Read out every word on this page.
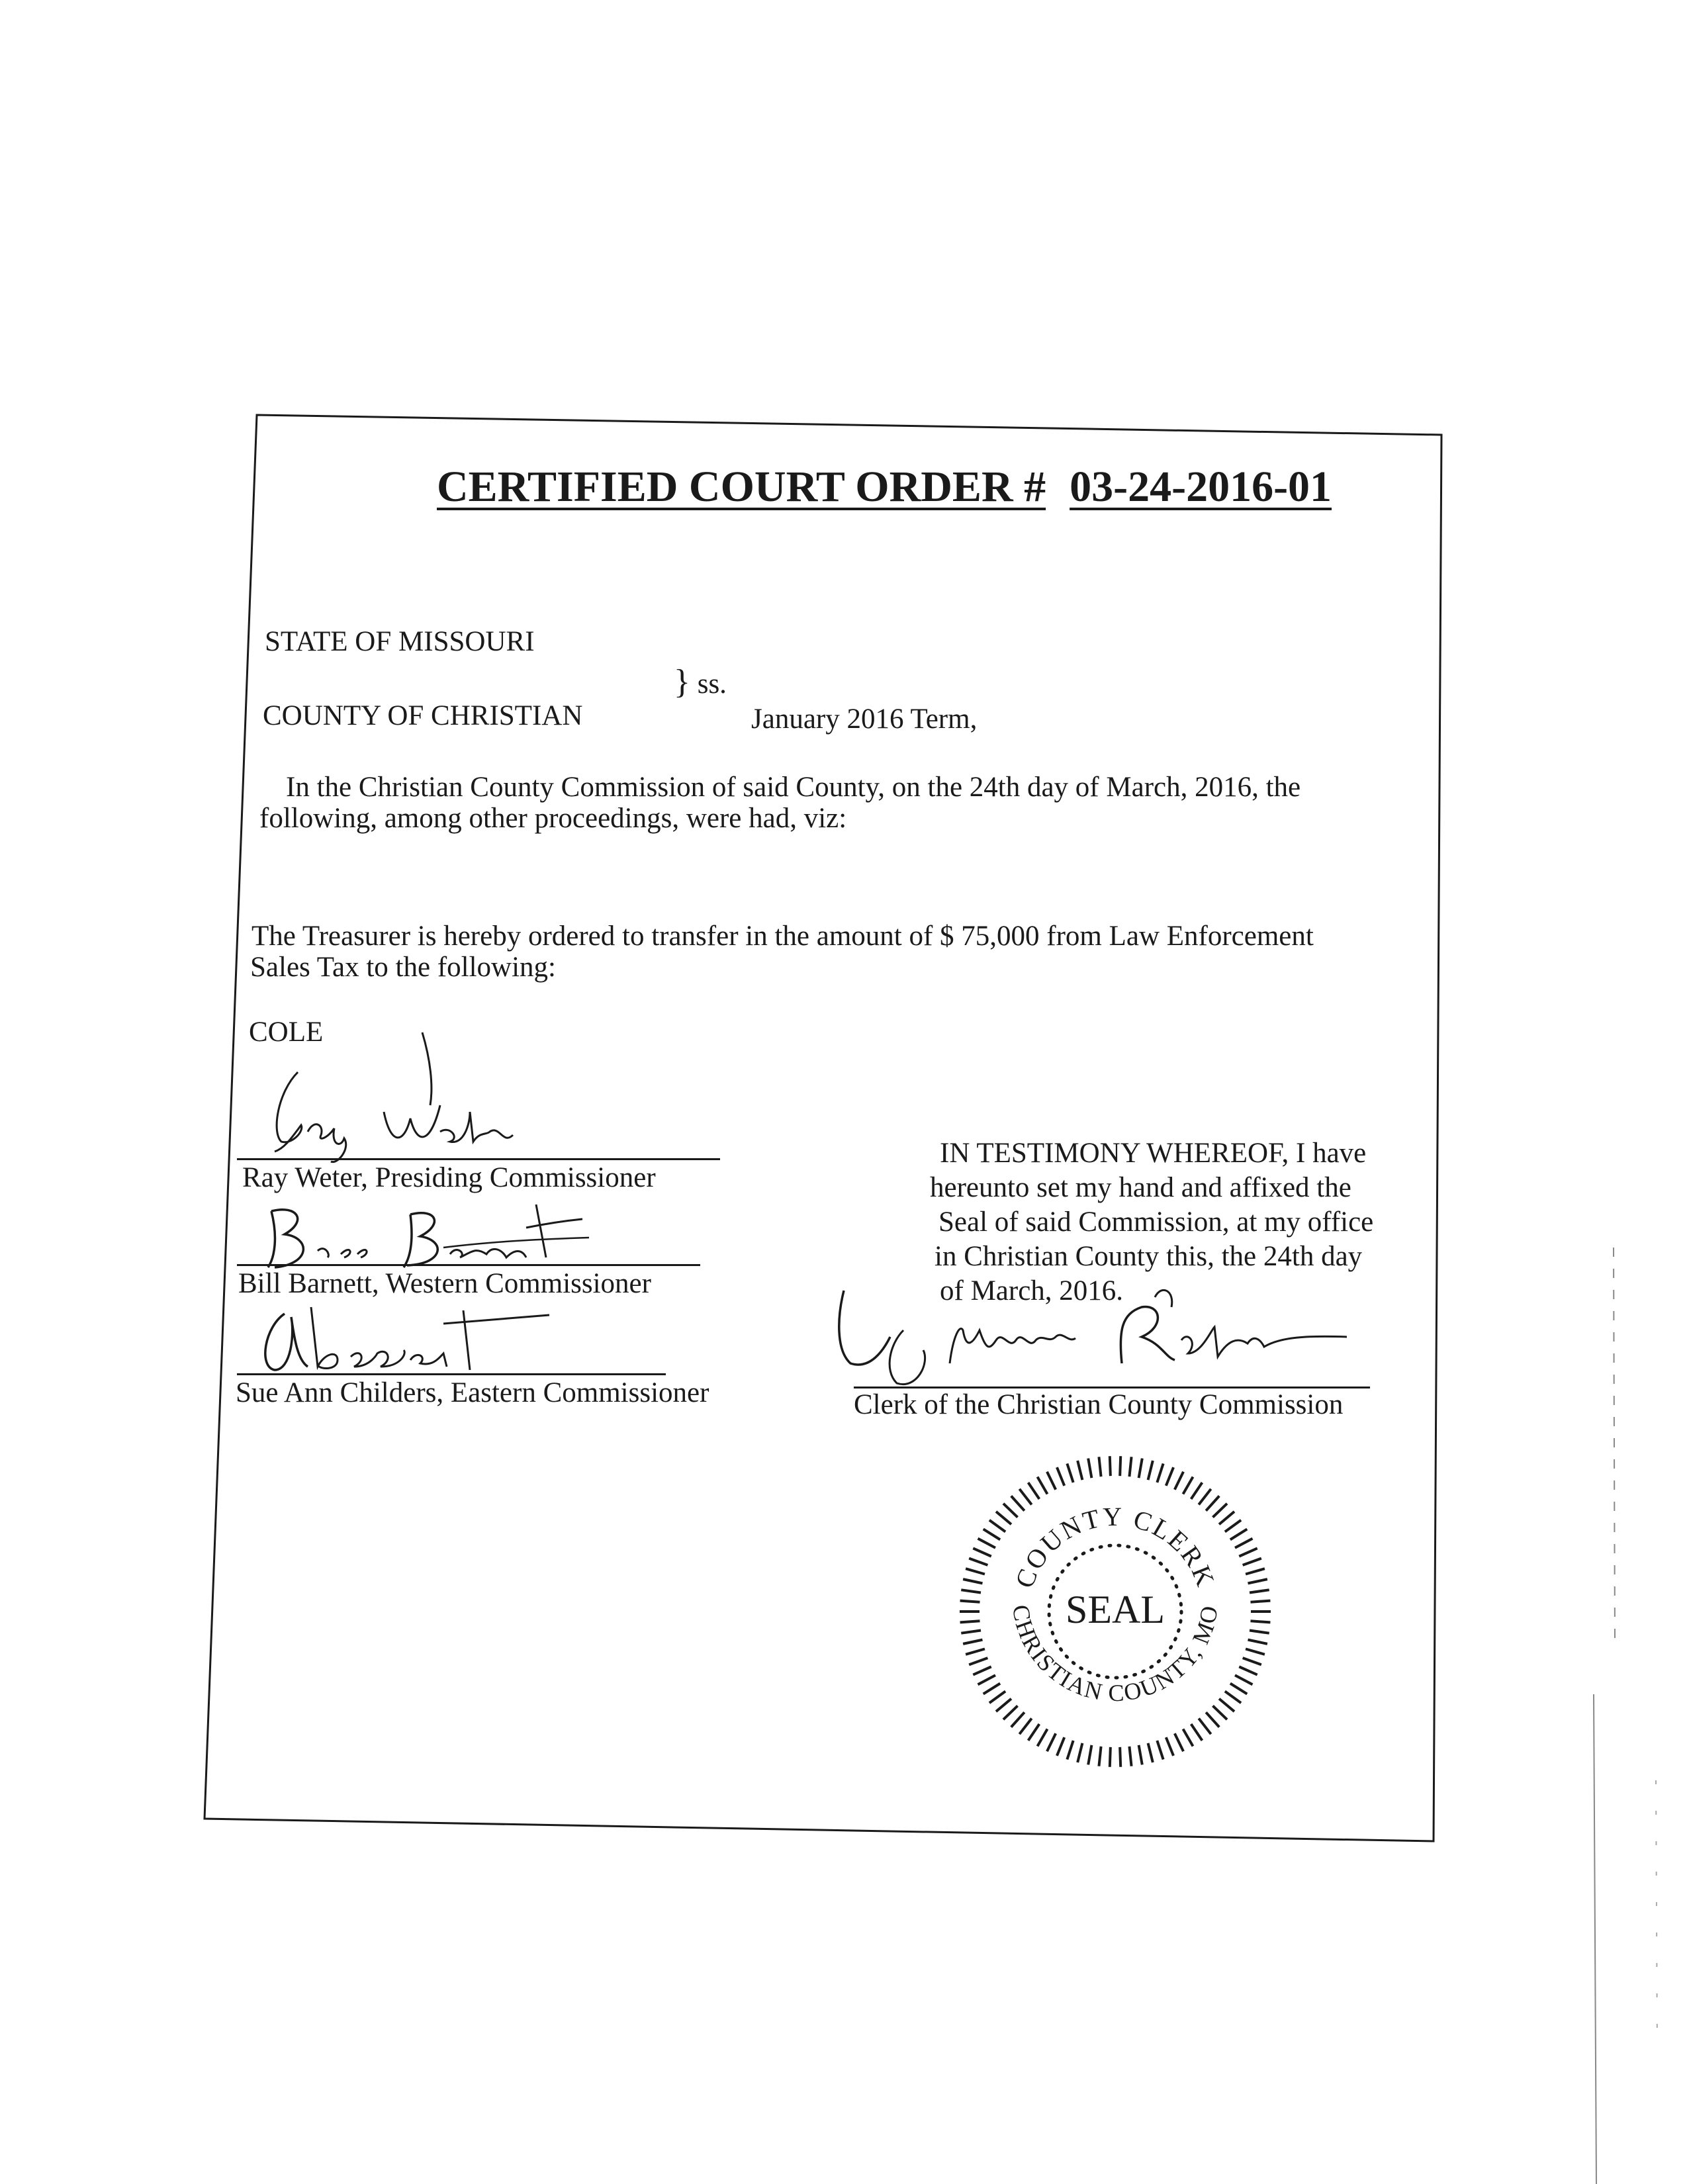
CERTIFIED COURT ORDER # 03-24-2016-01
STATE OF MISSOURI
} ss.
COUNTY OF CHRISTIAN	January 2016 Term,
In the Christian County Commission of said County, on the 24th day of March, 2016, the
following, among other proceedings, were had, viz:
The Treasurer is hereby ordered to transfer in the amount of $ 75,000 from Law Enforcement
Sales Tax to the following:
COLE
Ray Weter, Presiding Commissioner
Bill Barnett, Western Commissioner
Sue Ann Childers, Eastern Commissioner
IN TESTIMONY WHEREOF, I have
hereunto set my hand and affixed the
Seal of said Commission, at my office
in Christian County this, the 24th day
of March, 2016.
Clerk of the Christian County Commission
COUNTY CLERK
CHRISTIAN COUNTY, MO
SEAL
